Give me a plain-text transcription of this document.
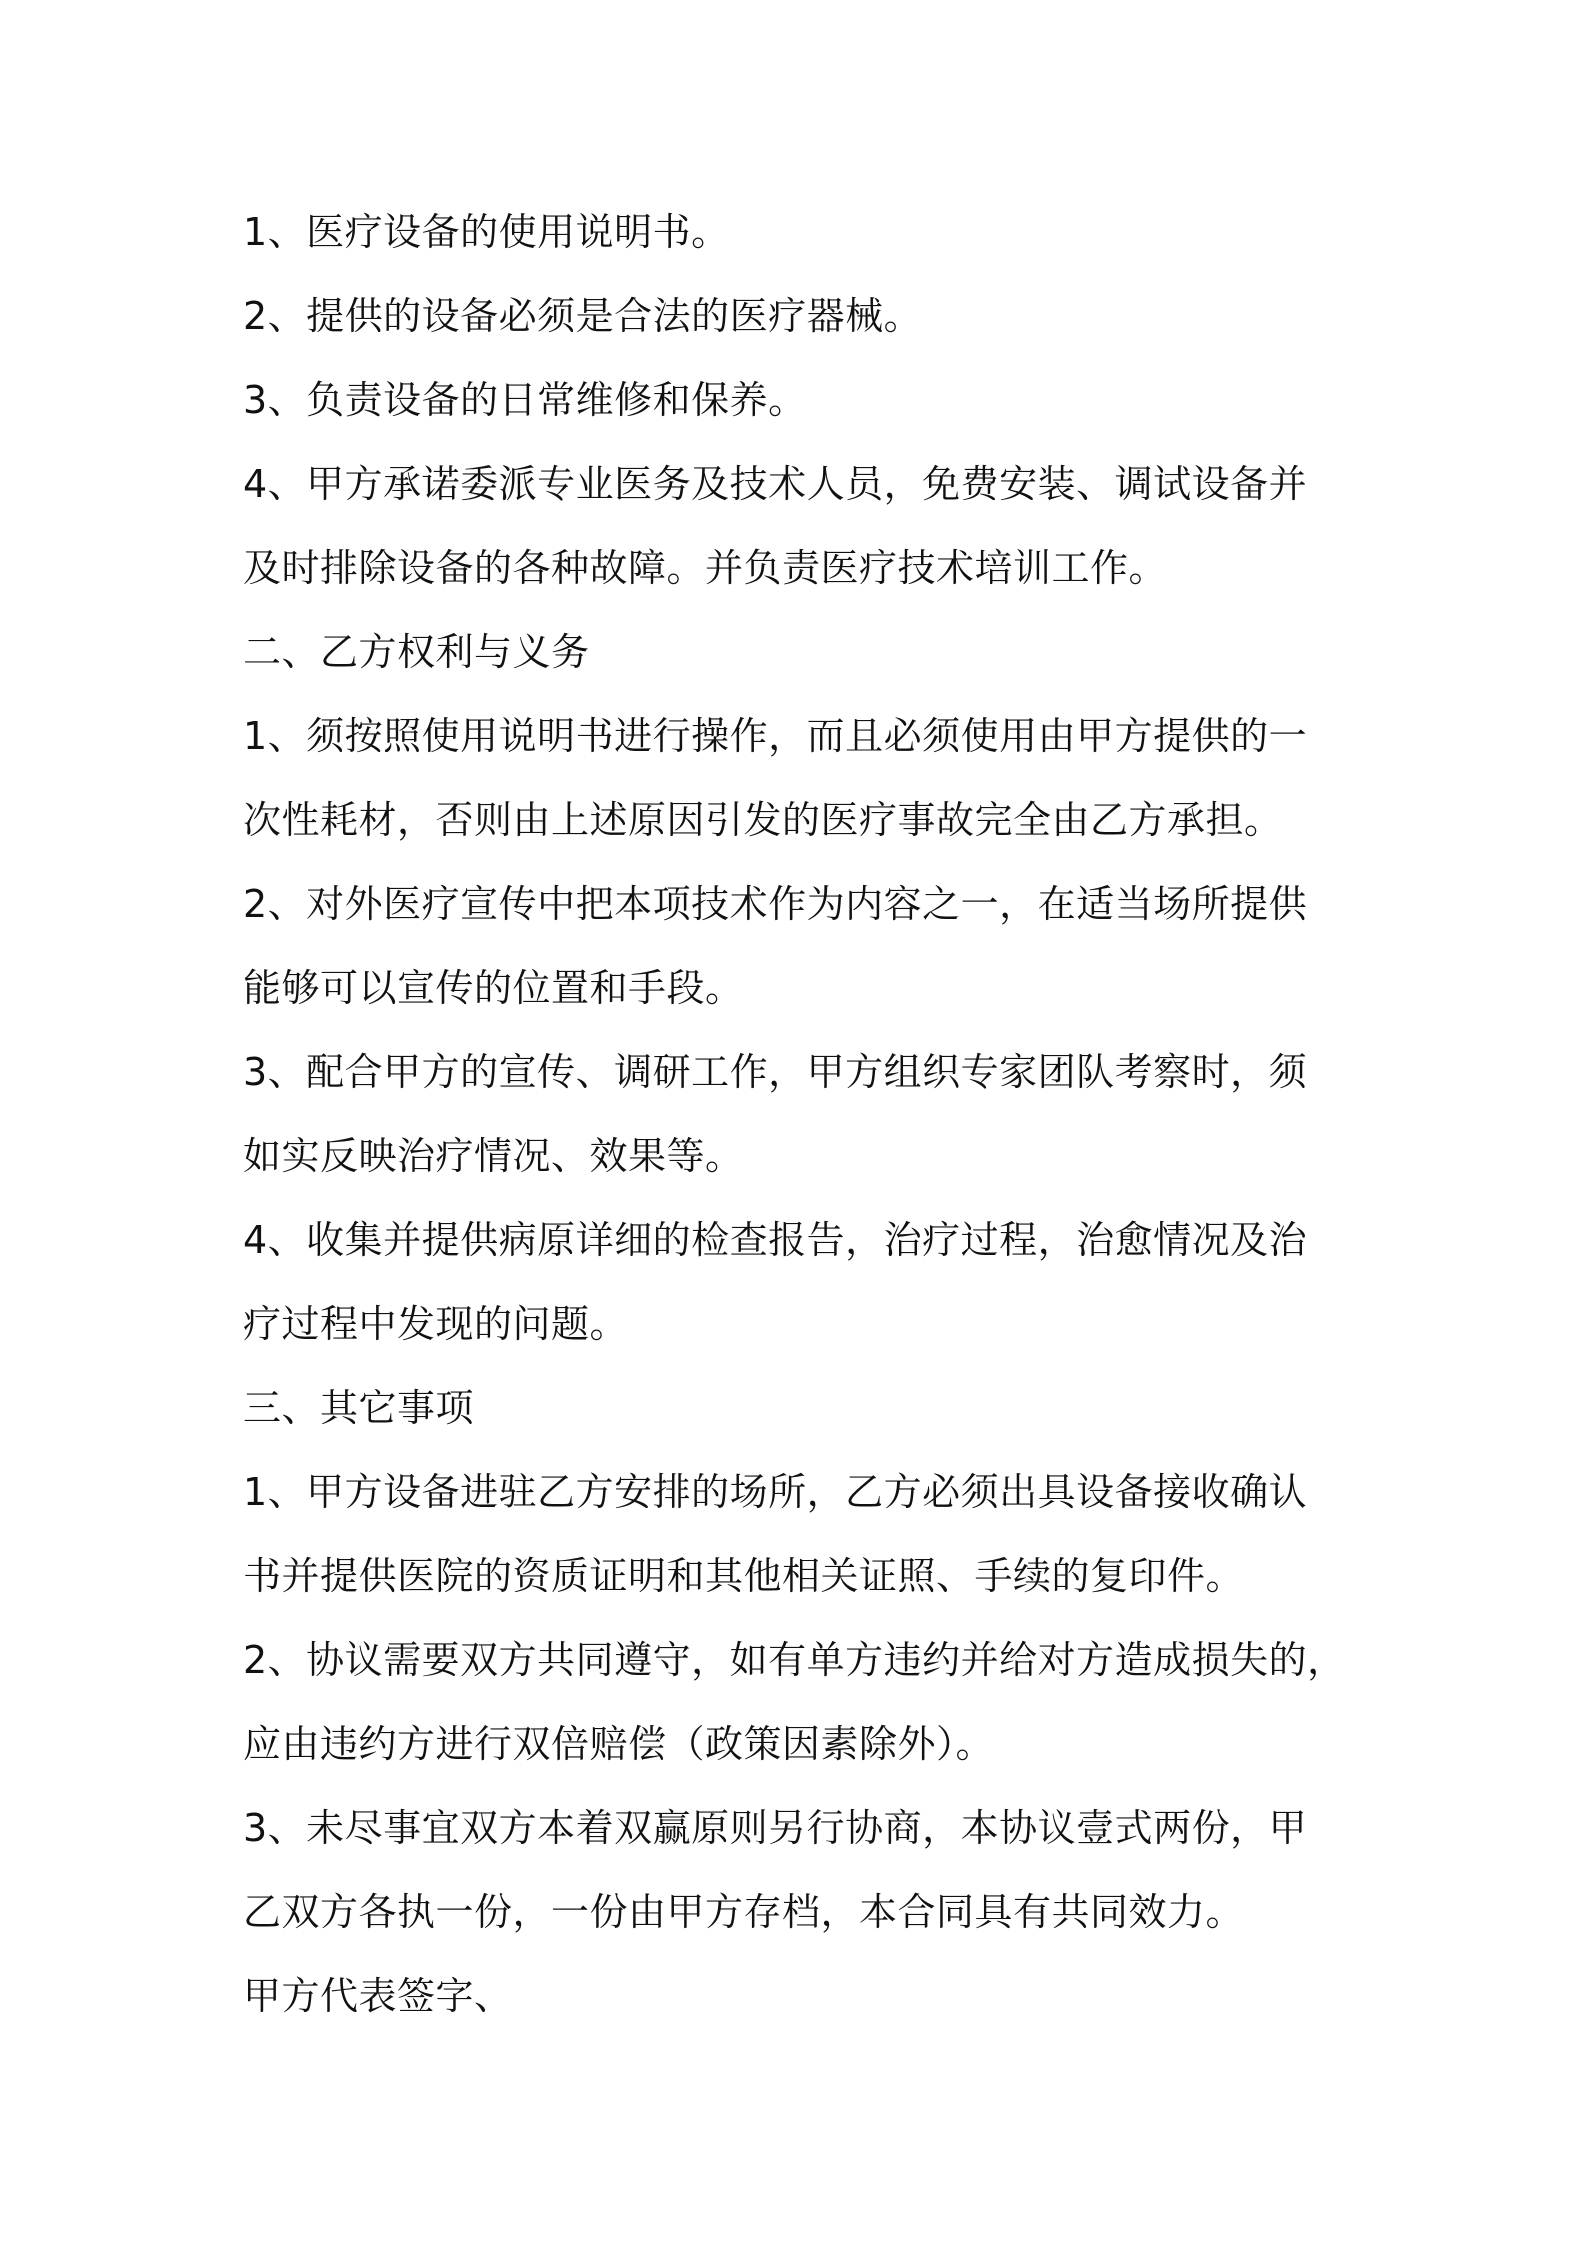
1、医疗设备的使用说明书。
2、提供的设备必须是合法的医疗器械。
3、负责设备的日常维修和保养。
4、甲方承诺委派专业医务及技术人员，免费安装、调试设备并
及时排除设备的各种故障。并负责医疗技术培训工作。
二、乙方权利与义务
1、须按照使用说明书进行操作，而且必须使用由甲方提供的一
次性耗材，否则由上述原因引发的医疗事故完全由乙方承担。
2、对外医疗宣传中把本项技术作为内容之一，在适当场所提供
能够可以宣传的位置和手段。
3、配合甲方的宣传、调研工作，甲方组织专家团队考察时，须
如实反映治疗情况、效果等。
4、收集并提供病原详细的检查报告，治疗过程，治愈情况及治
疗过程中发现的问题。
三、其它事项
1、甲方设备进驻乙方安排的场所，乙方必须出具设备接收确认
书并提供医院的资质证明和其他相关证照、手续的复印件。
2、协议需要双方共同遵守，如有单方违约并给对方造成损失的，
应由违约方进行双倍赔偿（政策因素除外）。
3、未尽事宜双方本着双赢原则另行协商，本协议壹式两份，甲
乙双方各执一份，一份由甲方存档，本合同具有共同效力。
甲方代表签字、
